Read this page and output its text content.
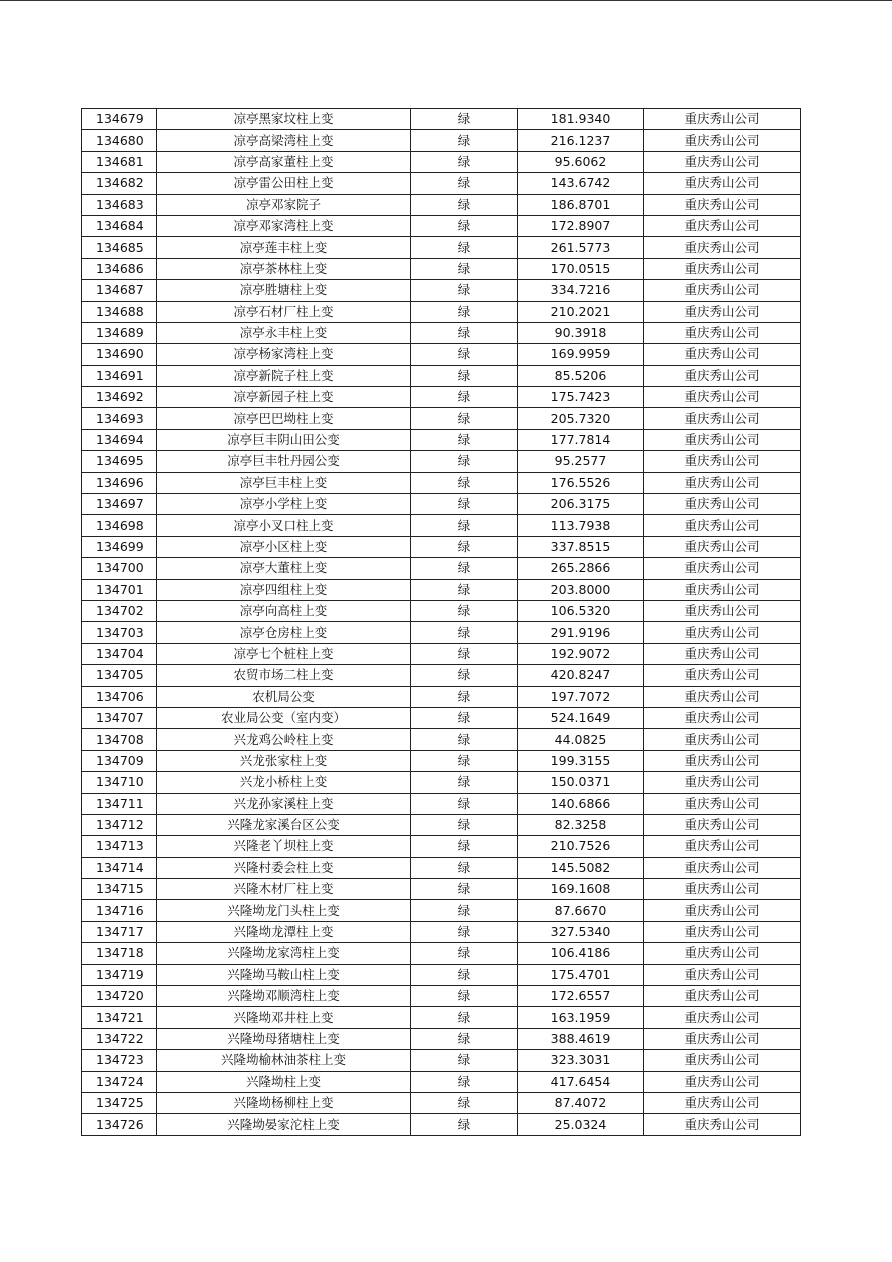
134679	凉亭黑家坟柱上变	绿	181.9340	重庆秀山公司
134680	凉亭高梁湾柱上变	绿	216.1237	重庆秀山公司
134681	凉亭高家董柱上变	绿	95.6062	重庆秀山公司
134682	凉亭雷公田柱上变	绿	143.6742	重庆秀山公司
134683	凉亭邓家院子	绿	186.8701	重庆秀山公司
134684	凉亭邓家湾柱上变	绿	172.8907	重庆秀山公司
134685	凉亭莲丰柱上变	绿	261.5773	重庆秀山公司
134686	凉亭茶林柱上变	绿	170.0515	重庆秀山公司
134687	凉亭胜塘柱上变	绿	334.7216	重庆秀山公司
134688	凉亭石材厂柱上变	绿	210.2021	重庆秀山公司
134689	凉亭永丰柱上变	绿	90.3918	重庆秀山公司
134690	凉亭杨家湾柱上变	绿	169.9959	重庆秀山公司
134691	凉亭新院子柱上变	绿	85.5206	重庆秀山公司
134692	凉亭新园子柱上变	绿	175.7423	重庆秀山公司
134693	凉亭巴巴坳柱上变	绿	205.7320	重庆秀山公司
134694	凉亭巨丰阴山田公变	绿	177.7814	重庆秀山公司
134695	凉亭巨丰牡丹园公变	绿	95.2577	重庆秀山公司
134696	凉亭巨丰柱上变	绿	176.5526	重庆秀山公司
134697	凉亭小学柱上变	绿	206.3175	重庆秀山公司
134698	凉亭小叉口柱上变	绿	113.7938	重庆秀山公司
134699	凉亭小区柱上变	绿	337.8515	重庆秀山公司
134700	凉亭大董柱上变	绿	265.2866	重庆秀山公司
134701	凉亭四组柱上变	绿	203.8000	重庆秀山公司
134702	凉亭向高柱上变	绿	106.5320	重庆秀山公司
134703	凉亭仓房柱上变	绿	291.9196	重庆秀山公司
134704	凉亭七个桩柱上变	绿	192.9072	重庆秀山公司
134705	农贸市场二柱上变	绿	420.8247	重庆秀山公司
134706	农机局公变	绿	197.7072	重庆秀山公司
134707	农业局公变（室内变）	绿	524.1649	重庆秀山公司
134708	兴龙鸡公岭柱上变	绿	44.0825	重庆秀山公司
134709	兴龙张家柱上变	绿	199.3155	重庆秀山公司
134710	兴龙小桥柱上变	绿	150.0371	重庆秀山公司
134711	兴龙孙家溪柱上变	绿	140.6866	重庆秀山公司
134712	兴隆龙家溪台区公变	绿	82.3258	重庆秀山公司
134713	兴隆老丫坝柱上变	绿	210.7526	重庆秀山公司
134714	兴隆村委会柱上变	绿	145.5082	重庆秀山公司
134715	兴隆木材厂柱上变	绿	169.1608	重庆秀山公司
134716	兴隆坳龙门头柱上变	绿	87.6670	重庆秀山公司
134717	兴隆坳龙潭柱上变	绿	327.5340	重庆秀山公司
134718	兴隆坳龙家湾柱上变	绿	106.4186	重庆秀山公司
134719	兴隆坳马鞍山柱上变	绿	175.4701	重庆秀山公司
134720	兴隆坳邓顺湾柱上变	绿	172.6557	重庆秀山公司
134721	兴隆坳邓井柱上变	绿	163.1959	重庆秀山公司
134722	兴隆坳母猪塘柱上变	绿	388.4619	重庆秀山公司
134723	兴隆坳榆林油茶柱上变	绿	323.3031	重庆秀山公司
134724	兴隆坳柱上变	绿	417.6454	重庆秀山公司
134725	兴隆坳杨柳柱上变	绿	87.4072	重庆秀山公司
134726	兴隆坳晏家沱柱上变	绿	25.0324	重庆秀山公司
